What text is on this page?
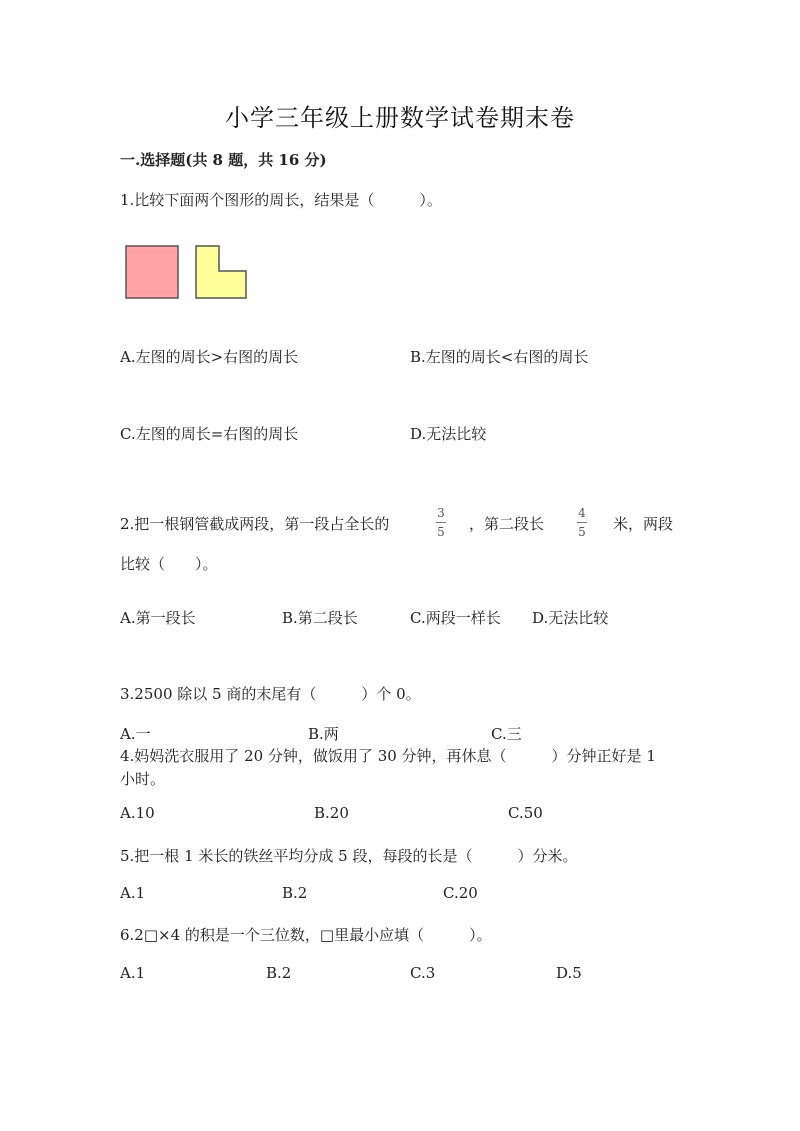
小学三年级上册数学试卷期末卷
一.选择题(共 8 题，共 16 分)
1.比较下面两个图形的周长，结果是（　　　）。
A.左图的周长>右图的周长	B.左图的周长<右图的周长
C.左图的周长=右图的周长	D.无法比较
2.把一根钢管截成两段，第一段占全长的
3
5	，第二段长
4
5	米，两段
比较（　　）。
A.第一段长	B.第二段长	C.两段一样长 D.无法比较
3.2500 除以 5 商的末尾有（　　　）个 0。
A.一	B.两	C.三
4.妈妈洗衣服用了 20 分钟，做饭用了 30 分钟，再休息（　　　）分钟正好是 1
小时。
A.10	B.20	C.50
5.把一根 1 米长的铁丝平均分成 5 段，每段的长是（　　　）分米。
A.1	B.2	C.20
6.2□×4 的积是一个三位数，□里最小应填（　　　）。
A.1	B.2	C.3	D.5
